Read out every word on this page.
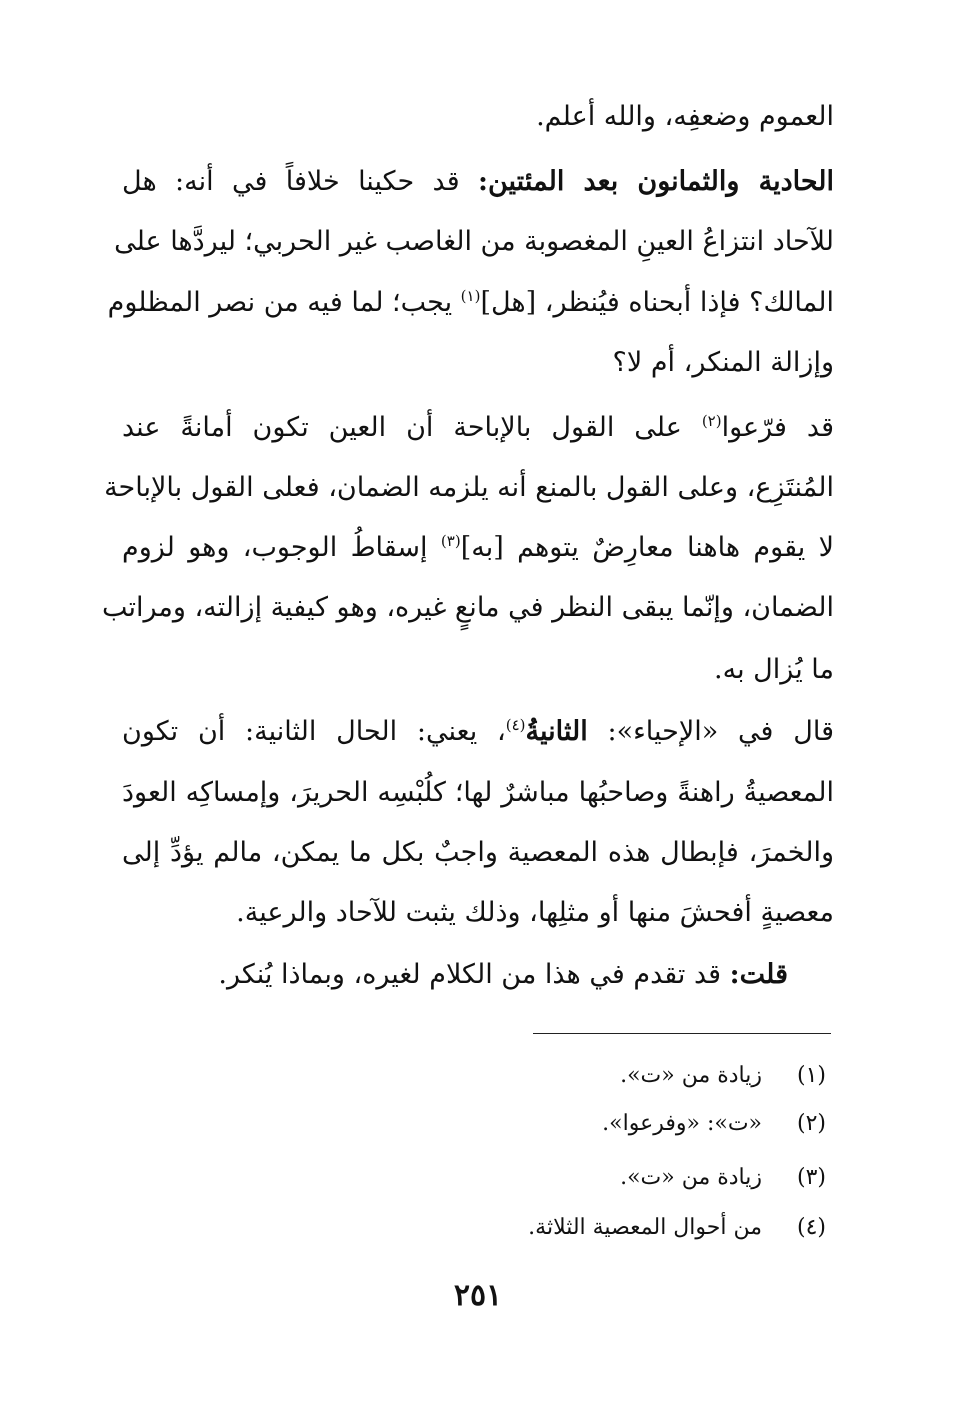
العموم وضعفِه، والله أعلم.
الحادية والثمانون بعد المئتين: قد حكينا خلافاً في أنه: هل
للآحاد انتزاعُ العينِ المغصوبة من الغاصب غير الحربي؛ ليردَّها على
المالك؟ فإذا أبحناه فيُنظر، [هل]$^{(١)}$ يجب؛ لما فيه من نصر المظلوم
وإزالة المنكر، أم لا؟
قد فرّعوا$^{(٢)}$ على القول بالإباحة أن العين تكون أمانةً عند
المُنتَزِع، وعلى القول بالمنع أنه يلزمه الضمان، فعلى القول بالإباحة
لا يقوم هاهنا معارِضٌ يتوهم [به]$^{(٣)}$ إسقاطُ الوجوب، وهو لزوم
الضمان، وإنّما يبقى النظر في مانعٍ غيره، وهو كيفية إزالته، ومراتب
ما يُزال به.
قال في «الإحياء»: الثانيةُ$^{(٤)}$، يعني: الحال الثانية: أن تكون
المعصيةُ راهنةً وصاحبُها مباشرٌ لها؛ كلُبْسِه الحريرَ، وإمساكِه العودَ
والخمرَ، فإبطال هذه المعصية واجبٌ بكل ما يمكن، مالم يؤدِّ إلى
معصيةٍ أفحشَ منها أو مثلِها، وذلك يثبت للآحاد والرعية.
قلت: قد تقدم في هذا من الكلام لغيره، وبماذا يُنكر.
(١)زيادة من «ت».
(٢)«ت»: «وفرعوا».
(٣)زيادة من «ت».
(٤)من أحوال المعصية الثلاثة.
٢٥١
